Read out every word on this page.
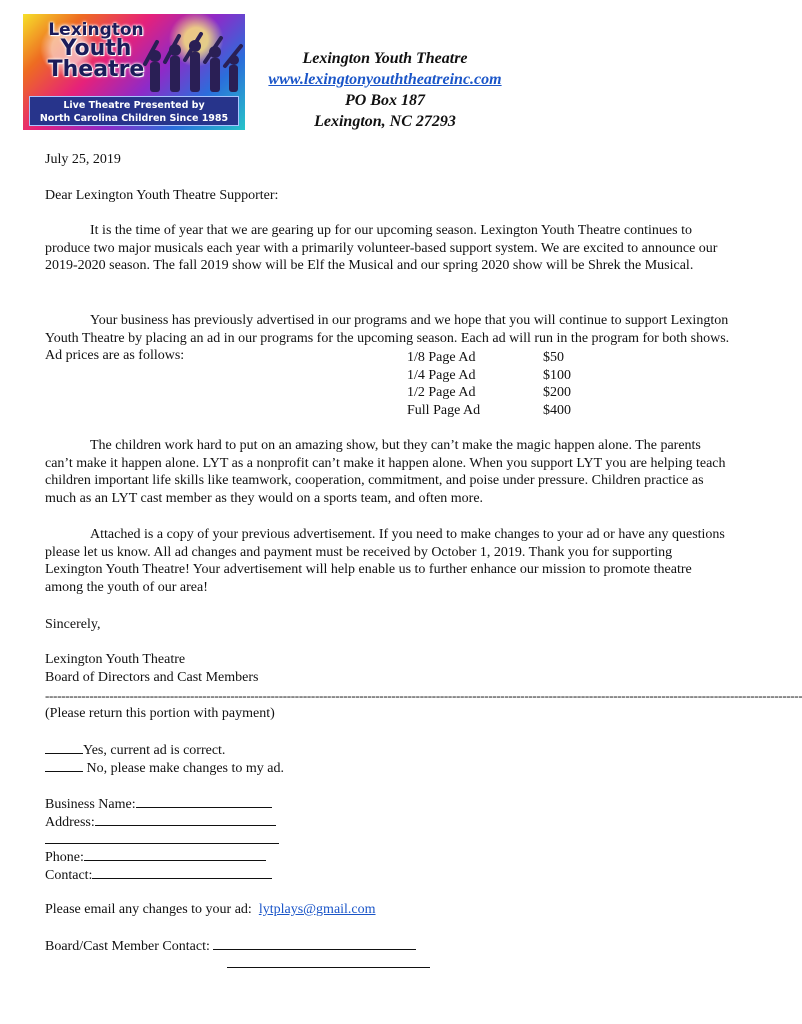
Lexington
Youth
Theatre
Live Theatre Presented by
North Carolina Children Since 1985
Lexington Youth Theatre
www.lexingtonyouththeatreinc.com
PO Box 187
Lexington, NC 27293
July 25, 2019
Dear Lexington Youth Theatre Supporter:
It is the time of year that we are gearing up for our upcoming season. Lexington Youth Theatre continues to produce two major musicals each year with a primarily volunteer-based support system. We are excited to announce our 2019-2020 season. The fall 2019 show will be Elf the Musical and our spring 2020 show will be Shrek the Musical.
Your business has previously advertised in our programs and we hope that you will continue to support Lexington Youth Theatre by placing an ad in our programs for the upcoming season. Each ad will run in the program for both shows. Ad prices are as follows:	1/8 Page Ad	$50
1/4 Page Ad	$100
1/2 Page Ad	$200
Full Page Ad	$400
The children work hard to put on an amazing show, but they can’t make the magic happen alone. The parents can’t make it happen alone. LYT as a nonprofit can’t make it happen alone. When you support LYT you are helping teach children important life skills like teamwork, cooperation, commitment, and poise under pressure. Children practice as much as an LYT cast member as they would on a sports team, and often more.
Attached is a copy of your previous advertisement. If you need to make changes to your ad or have any questions please let us know. All ad changes and payment must be received by October 1, 2019. Thank you for supporting Lexington Youth Theatre! Your advertisement will help enable us to further enhance our mission to promote theatre among the youth of our area!
Sincerely,
Lexington Youth Theatre
Board of Directors and Cast Members
--------------------------------------------------------------------------------------------------------------------------------------------------------------------------------------------
(Please return this portion with payment)
Yes, current ad is correct.
No, please make changes to my ad.
Business Name:
Address:
Phone:
Contact:
Please email any changes to your ad: lytplays@gmail.com
Board/Cast Member Contact:
